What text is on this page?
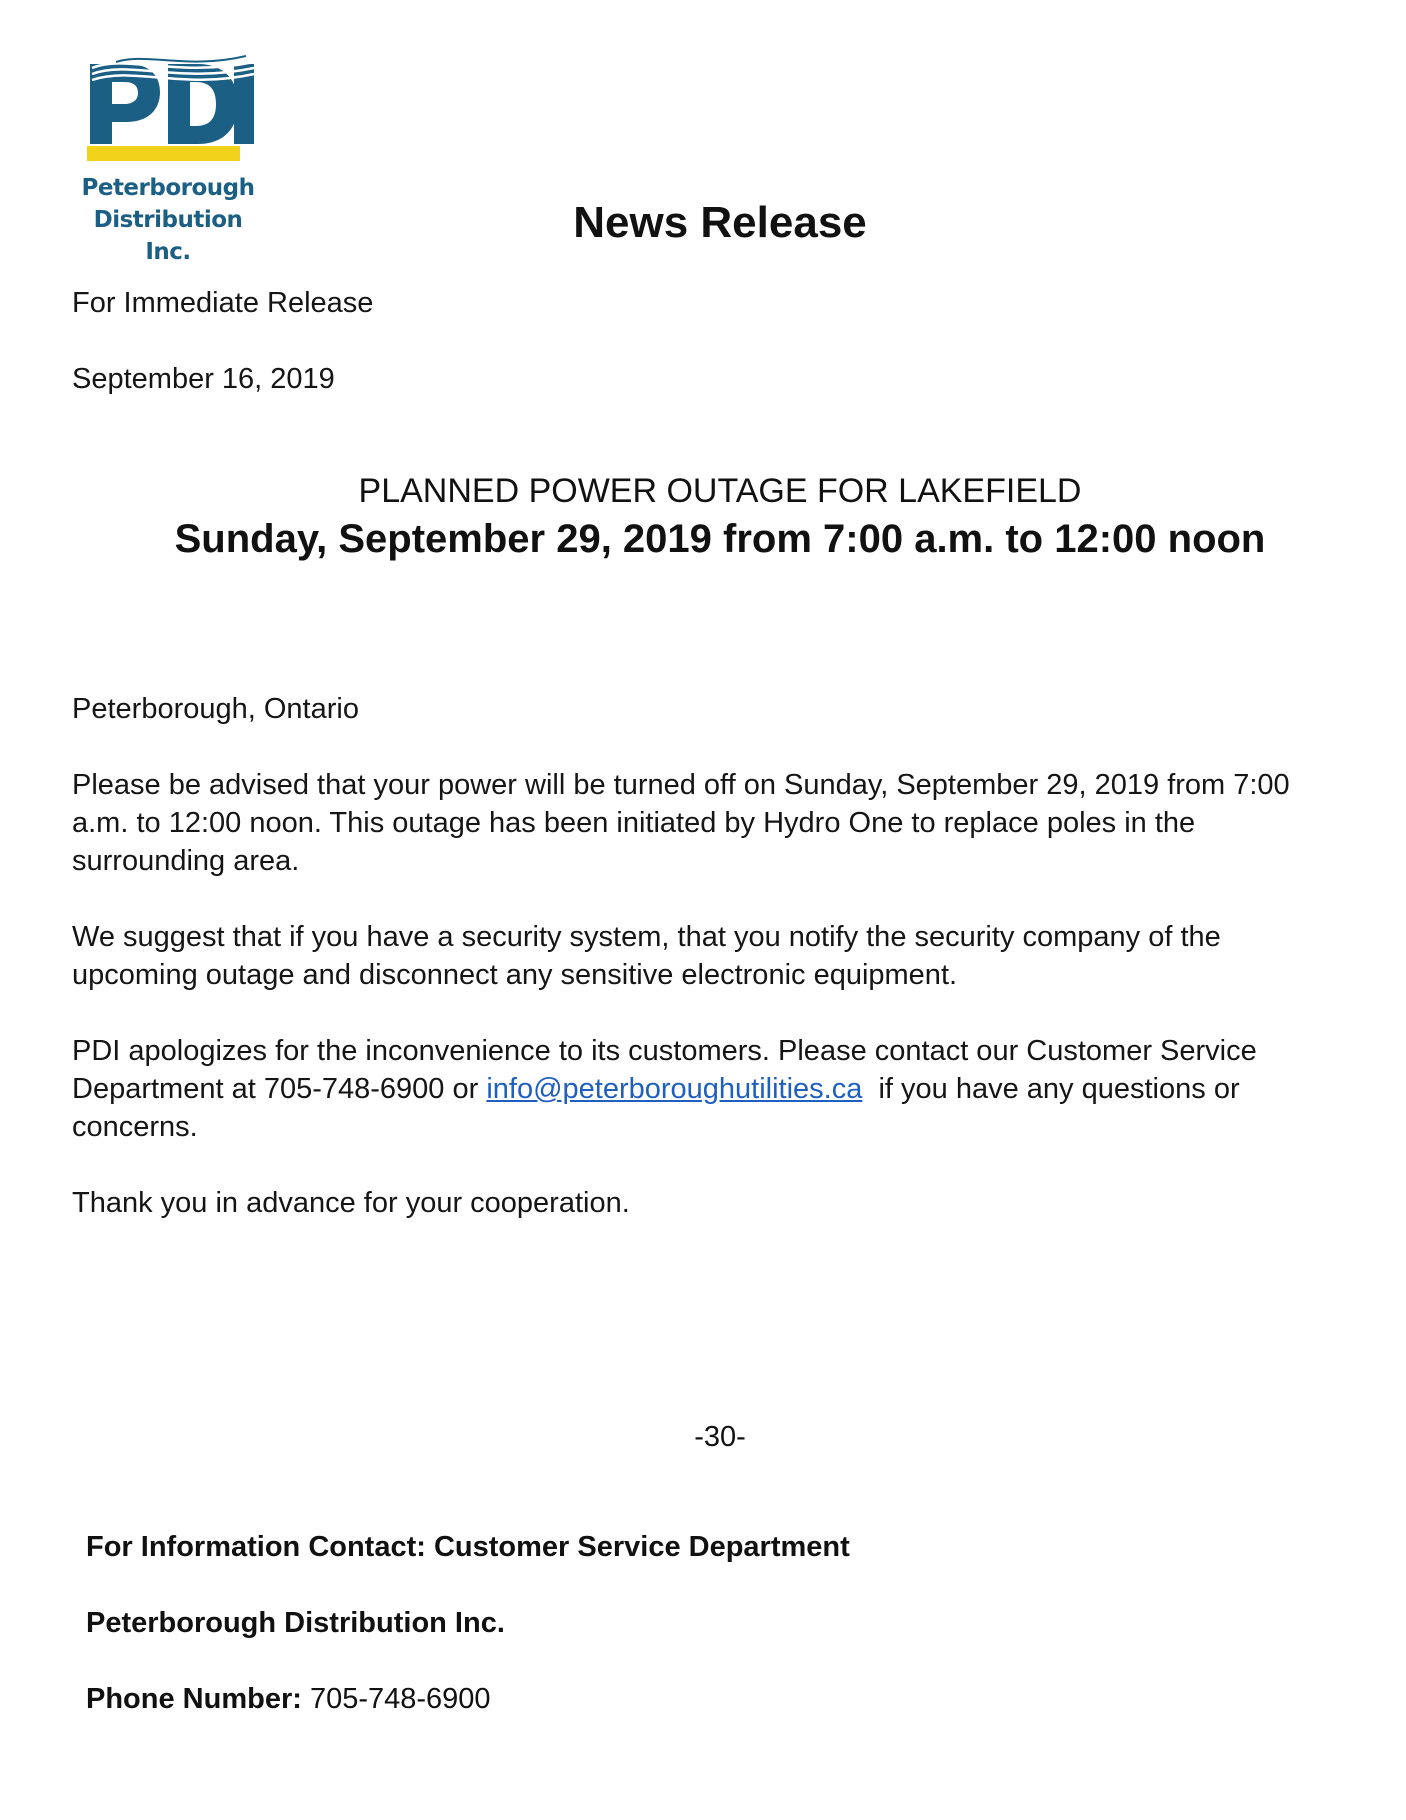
Peterborough
Distribution Inc.
News Release
For Immediate Release
September 16, 2019
PLANNED POWER OUTAGE FOR LAKEFIELD
Sunday, September 29, 2019 from 7:00 a.m. to 12:00 noon
Peterborough, Ontario
Please be advised that your power will be turned off on Sunday, September 29, 2019 from 7:00 a.m. to 12:00 noon. This outage has been initiated by Hydro One to replace poles in the surrounding area.
We suggest that if you have a security system, that you notify the security company of the upcoming outage and disconnect any sensitive electronic equipment.
PDI apologizes for the inconvenience to its customers. Please contact our Customer Service Department at 705-748-6900 or info@peterboroughutilities.ca  if you have any questions or concerns.
Thank you in advance for your cooperation.
-30-
For Information Contact: Customer Service Department
Peterborough Distribution Inc.
Phone Number: 705-748-6900
